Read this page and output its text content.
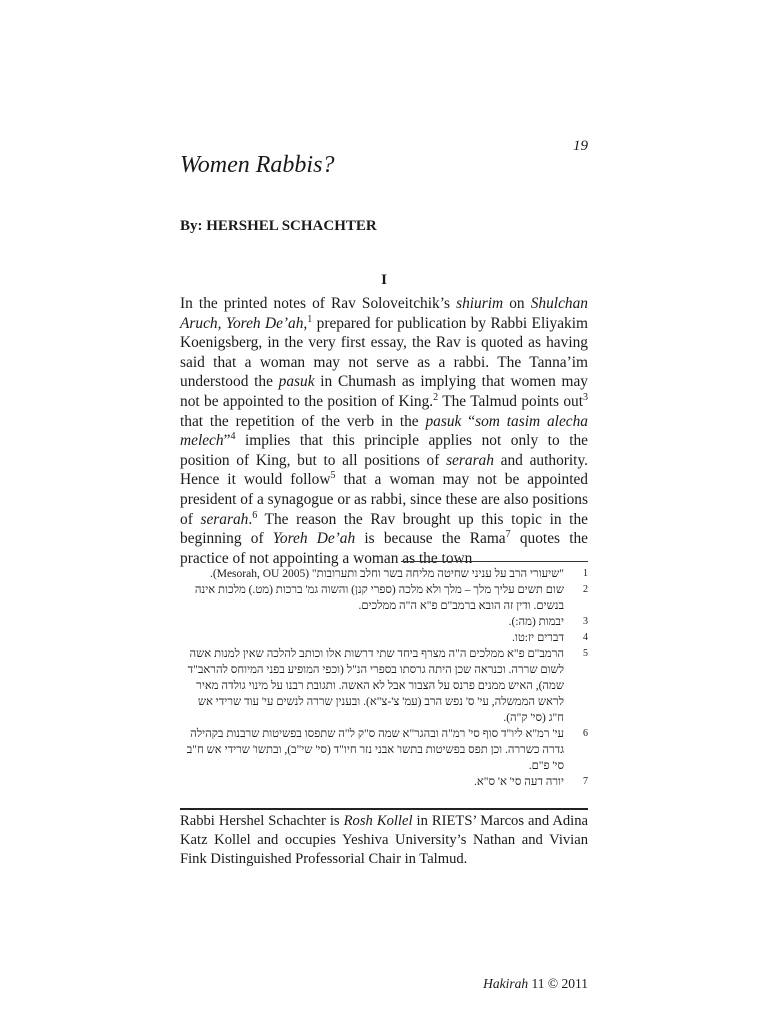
19
Women Rabbis?

By: HERSHEL SCHACHTER

I

In the printed notes of Rav Soloveitchik’s shiurim on Shulchan Aruch, Yoreh De’ah,$^1$ prepared for publication by Rabbi Eliyakim Koenigsberg, in the very first essay, the Rav is quoted as having said that a woman may not serve as a rabbi. The Tanna’im understood the pasuk in Chumash as implying that women may not be appointed to the position of King.$^2$ The Talmud points out$^3$ that the repetition of the verb in the pasuk “som tasim alecha melech”$^4$ implies that this principle applies not only to the position of King, but to all positions of serarah and authority. Hence it would follow$^5$ that a woman may not be appointed president of a synagogue or as rabbi, since these are also positions of serarah.$^6$ The reason the Rav brought up this topic in the beginning of Yoreh De’ah is because the Rama$^7$ quotes the practice of not appointing a woman as the town

1
"שיעורי הרב על עניני שחיטה מליחה בשר וחלב ותערובות" (2005 Mesorah, OU).
2
שום תשים עליך מלך – מלך ולא מלכה (ספרי קנן) והשוה גמ' ברכות (מט.) מלכות אינה בנשים. ודין זה הובא ברמב"ם פ"א ה"ה ממלכים.
3
יבמות (מה:).
4
דברים יז:טו.
5
הרמב"ם פ"א ממלכים ה"ה מצרף ביחד שתי דרשות אלו וכותב להלכה שאין למנות אשה לשום שררה. וכנראה שכן היתה גרסתו בספרי הנ"ל (וכפי המופיע בפני המיוחס להראב"ד שמה), האיש ממנים פרנס על הצבור אבל לא האשה. ותגובת רבנו על מינוי גולדה מאיר לראש הממשלה, עי' ס' נפש הרב (עמ' צ'-צ"א). ובענין שררה לנשים עי' עוד שרידי אש ח"ג (סי' ק"ה).
6
עי' רמ"א ליו"ד סוף סי' רמ"ה ובהגר"א שמה ס"ק ל"ה שתפסו בפשיטות שרבנות בקהילה גדרה כשררה. וכן תפס בפשיטות בתשו' אבני נזר חיו"ד (סי' שי"ב), ובתשו' שרידי אש ח"ב סי' פ"ם.
7
יורה דעה סי' א' ס"א.

Rabbi Hershel Schachter is Rosh Kollel in RIETS’ Marcos and Adina Katz Kollel and occupies Yeshiva University’s Nathan and Vivian Fink Distinguished Professorial Chair in Talmud.

Hakirah 11 © 2011
